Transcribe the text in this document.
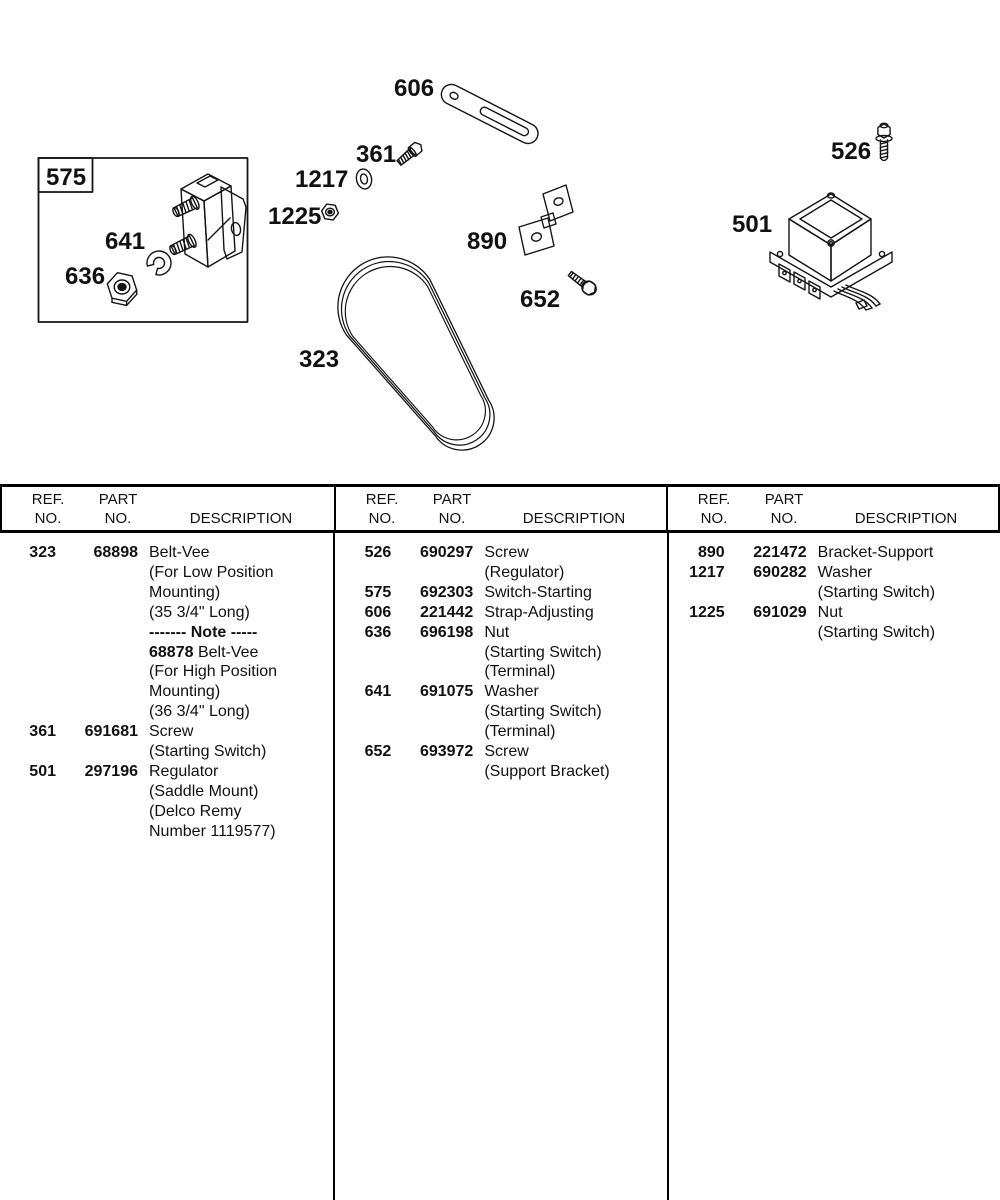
606
361
1217
1225
575
641
636
890
652
526
501
323
REF.
NO.
PART
NO.	DESCRIPTION
REF.
NO.
PART
NO.	DESCRIPTION
REF.
NO.
PART
NO.	DESCRIPTION
323	68898 Belt-Vee
(For Low Position
Mounting)
(35 3/4" Long)
------- Note -----
68878 Belt-Vee
(For High Position
Mounting)
(36 3/4" Long)
361	691681 Screw
(Starting Switch)
501	297196 Regulator
(Saddle Mount)
(Delco Remy
Number 1119577)
526	690297 Screw
(Regulator)
575	692303 Switch-Starting
606	221442 Strap-Adjusting
636	696198 Nut
(Starting Switch)
(Terminal)
641	691075 Washer
(Starting Switch)
(Terminal)
652	693972 Screw
(Support Bracket)
890	221472 Bracket-Support
1217	690282 Washer
(Starting Switch)
1225	691029 Nut
(Starting Switch)
